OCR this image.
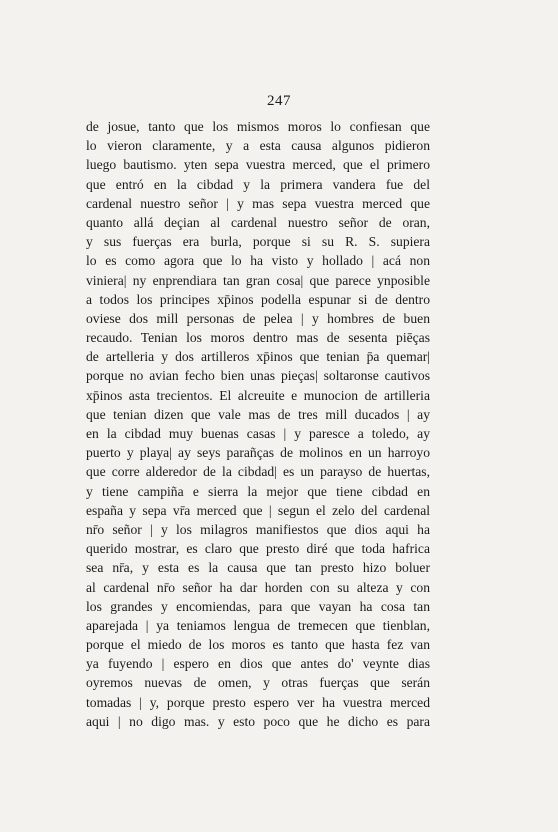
247
de josue, tanto que los mismos moros lo confiesan que
lo vieron claramente, y a esta causa algunos pidieron
luego bautismo. yten sepa vuestra merced, que el primero
que entró en la cibdad y la primera vandera fue del
cardenal nuestro señor | y mas sepa vuestra merced que
quanto allá deçian al cardenal nuestro señor de oran,
y sus fuerças era burla, porque si su R. S. supiera
lo es como agora que lo ha visto y hollado | acá non
viniera| ny enprendiara tan gran cosa| que parece ynposible
a todos los principes xp̄inos podella espunar si de dentro
oviese dos mill personas de pelea | y hombres de buen
recaudo. Tenian los moros dentro mas de sesenta piēças
de artelleria y dos artilleros xp̄inos que tenian p̄a quemar|
porque no avian fecho bien unas pieças| soltaronse cautivos
xp̄inos asta trecientos. El alcreuite e munocion de artilleria
que tenian dizen que vale mas de tres mill ducados | ay
en la cibdad muy buenas casas | y paresce a toledo, ay
puerto y playa| ay seys parañças de molinos en un harroyo
que corre alderedor de la cibdad| es un parayso de huertas,
y tiene campiña e sierra la mejor que tiene cibdad en
españa y sepa vr̄a merced que | segun el zelo del cardenal
nr̄o señor | y los milagros manifiestos que dios aqui ha
querido mostrar, es claro que presto diré que toda hafrica
sea nr̄a, y esta es la causa que tan presto hizo boluer
al cardenal nr̄o señor ha dar horden con su alteza y con
los grandes y encomiendas, para que vayan ha cosa tan
aparejada | ya teniamos lengua de tremecen que tienblan,
porque el miedo de los moros es tanto que hasta fez van
ya fuyendo | espero en dios que antes do' veynte dias
oyremos nuevas de omen, y otras fuerças que serán
tomadas | y, porque presto espero ver ha vuestra merced
aqui | no digo mas. y esto poco que he dicho es para
